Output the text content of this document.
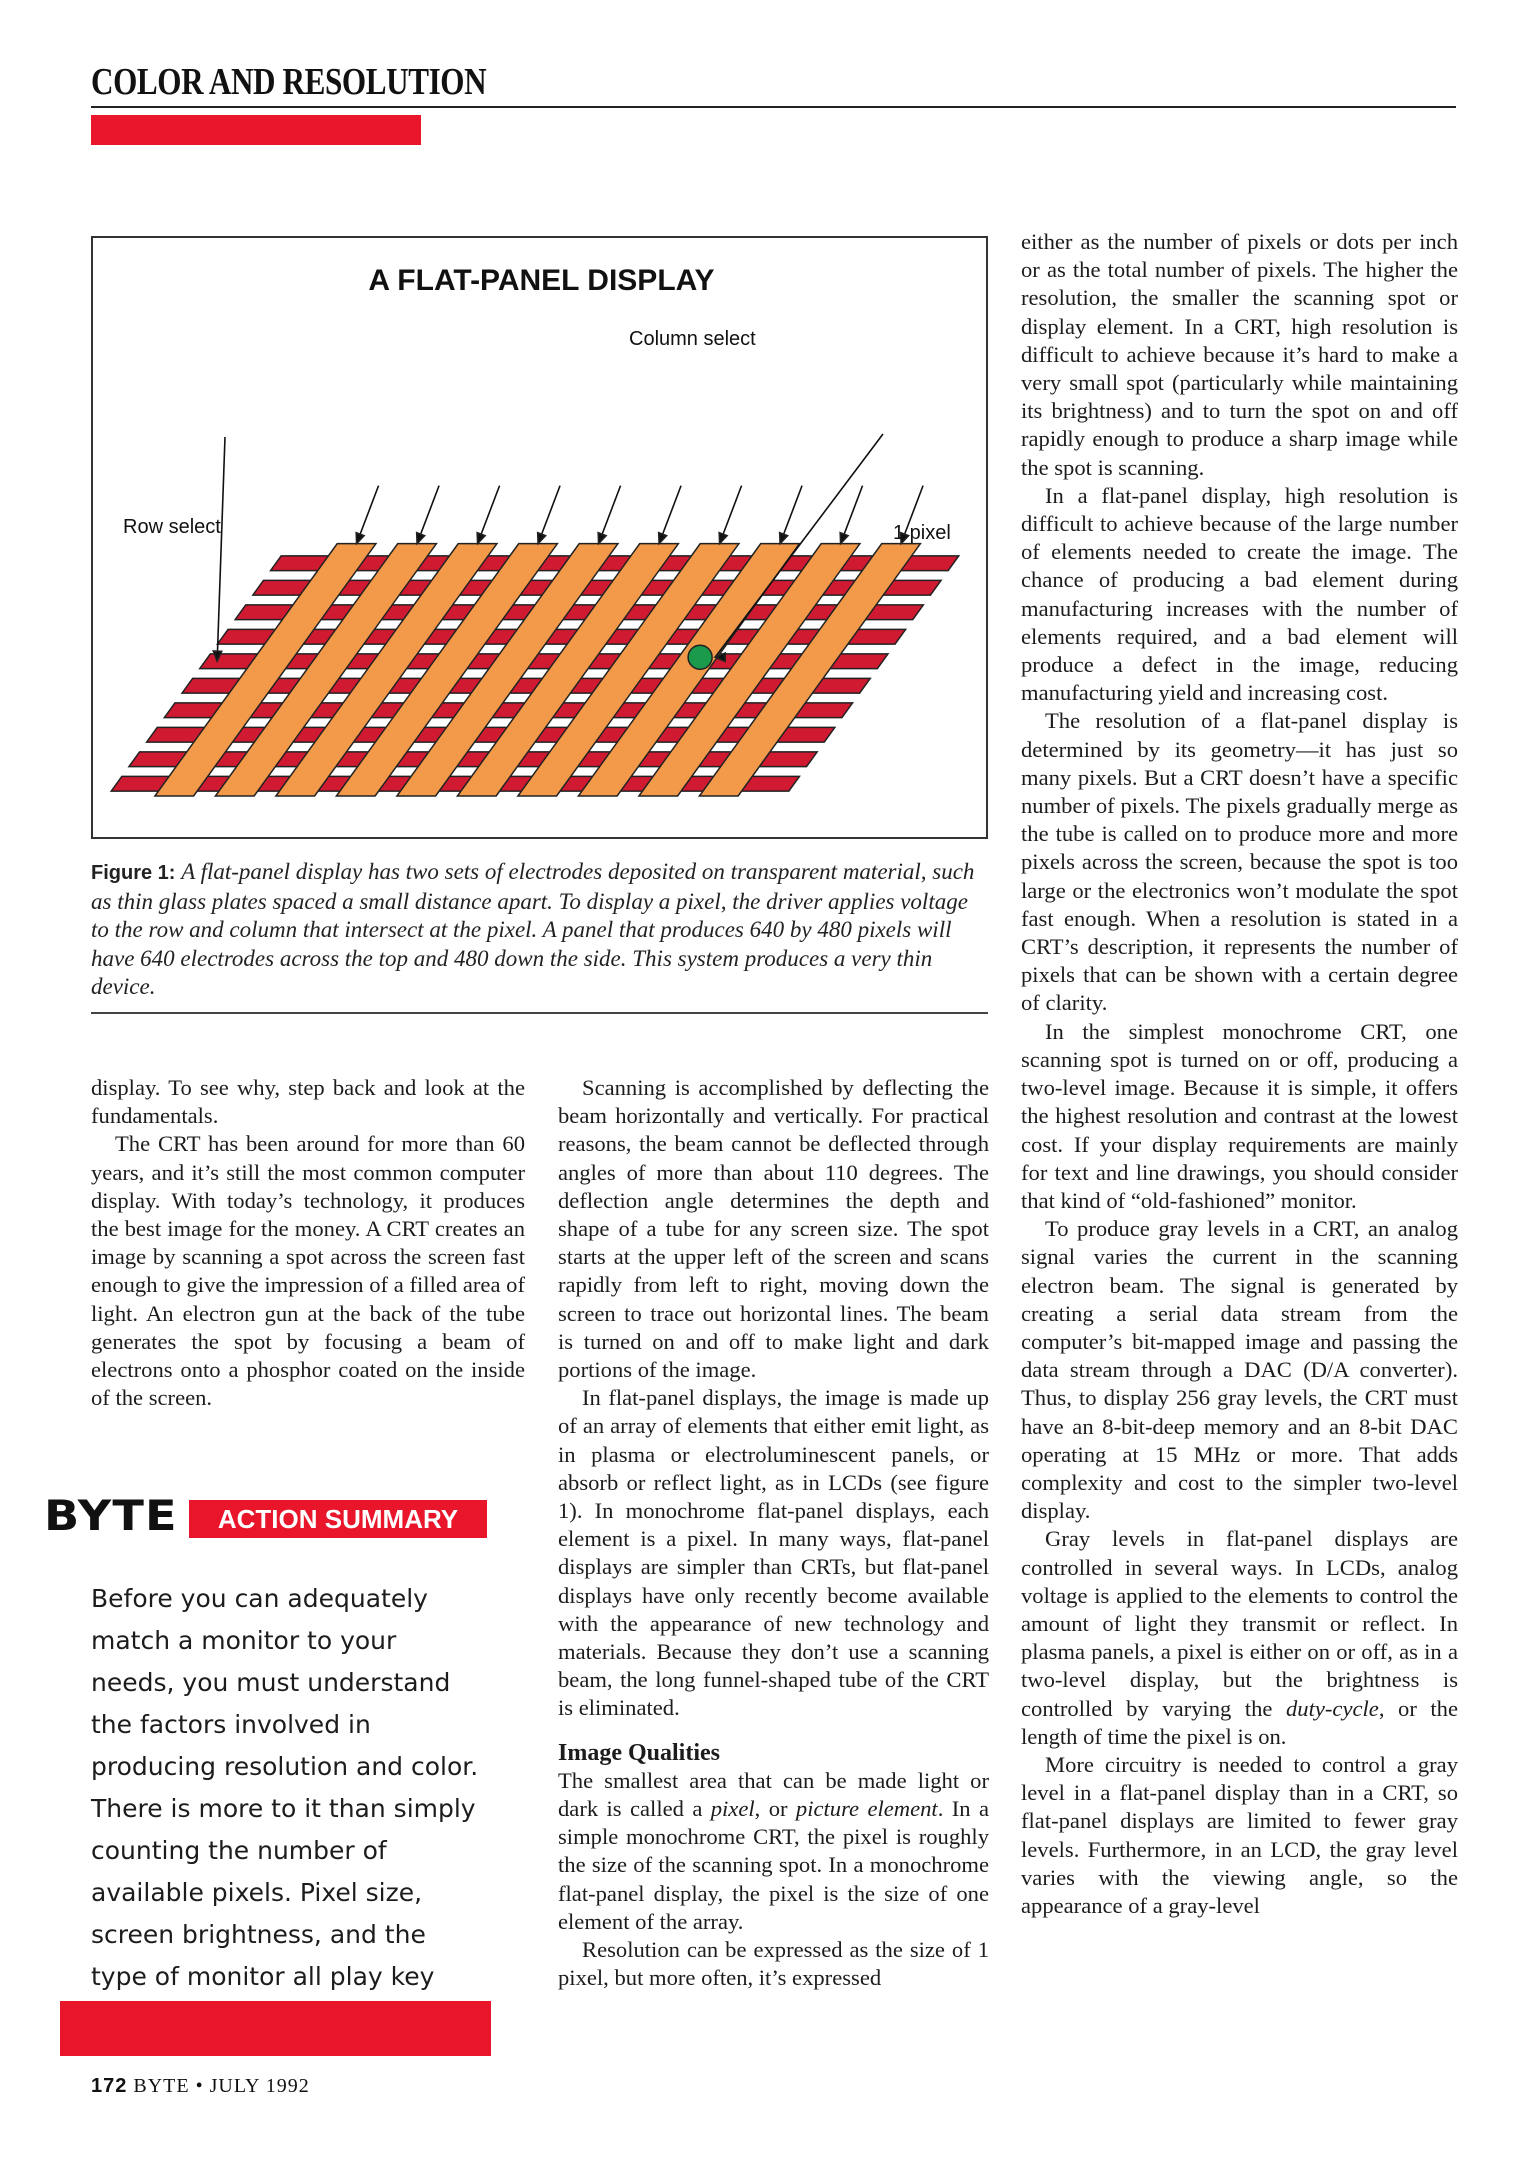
COLOR AND RESOLUTION
A FLAT-PANEL DISPLAY
Column select
Row select	1 pixel
Figure 1: A flat-panel display has two sets of electrodes deposited on transparent material, such as thin glass plates spaced a small distance apart. To display a pixel, the driver applies voltage to the row and column that intersect at the pixel. A panel that produces 640 by 480 pixels will have 640 electrodes across the top and 480 down the side. This system produces a very thin device.

display. To see why, step back and look at the fundamentals.

The CRT has been around for more than 60 years, and it’s still the most common computer display. With today’s technology, it produces the best image for the money. A CRT creates an image by scanning a spot across the screen fast enough to give the impression of a filled area of light. An electron gun at the back of the tube generates the spot by focusing a beam of electrons onto a phosphor coated on the inside of the screen.

BYTE	ACTION SUMMARY
Before you can adequately match a monitor to your needs, you must understand the factors involved in producing resolution and color. There is more to it than simply counting the number of available pixels. Pixel size, screen brightness, and the type of monitor all play key

Scanning is accomplished by deflecting the beam horizontally and vertically. For practical reasons, the beam cannot be deflected through angles of more than about 110 degrees. The deflection angle determines the depth and shape of a tube for any screen size. The spot starts at the upper left of the screen and scans rapidly from left to right, moving down the screen to trace out horizontal lines. The beam is turned on and off to make light and dark portions of the image.

In flat-panel displays, the image is made up of an array of elements that either emit light, as in plasma or electroluminescent panels, or absorb or reflect light, as in LCDs (see figure 1). In monochrome flat-panel displays, each element is a pixel. In many ways, flat-panel displays are simpler than CRTs, but flat-panel displays have only recently become available with the appearance of new technology and materials. Because they don’t use a scanning beam, the long funnel-shaped tube of the CRT is eliminated.

Image Qualities

The smallest area that can be made light or dark is called a pixel, or picture element. In a simple monochrome CRT, the pixel is roughly the size of the scanning spot. In a monochrome flat-panel display, the pixel is the size of one element of the array.

Resolution can be expressed as the size of 1 pixel, but more often, it’s expressed

either as the number of pixels or dots per inch or as the total number of pixels. The higher the resolution, the smaller the scanning spot or display element. In a CRT, high resolution is difficult to achieve because it’s hard to make a very small spot (particularly while maintaining its brightness) and to turn the spot on and off rapidly enough to produce a sharp image while the spot is scanning.

In a flat-panel display, high resolution is difficult to achieve because of the large number of elements needed to create the image. The chance of producing a bad element during manufacturing increases with the number of elements required, and a bad element will produce a defect in the image, reducing manufacturing yield and increasing cost.

The resolution of a flat-panel display is determined by its geometry—it has just so many pixels. But a CRT doesn’t have a specific number of pixels. The pixels gradually merge as the tube is called on to produce more and more pixels across the screen, because the spot is too large or the electronics won’t modulate the spot fast enough. When a resolution is stated in a CRT’s description, it represents the number of pixels that can be shown with a certain degree of clarity.

In the simplest monochrome CRT, one scanning spot is turned on or off, producing a two-level image. Because it is simple, it offers the highest resolution and contrast at the lowest cost. If your display requirements are mainly for text and line drawings, you should consider that kind of “old-fashioned” monitor.

To produce gray levels in a CRT, an analog signal varies the current in the scanning electron beam. The signal is generated by creating a serial data stream from the computer’s bit-mapped image and passing the data stream through a DAC (D/A converter). Thus, to display 256 gray levels, the CRT must have an 8-bit-deep memory and an 8-bit DAC operating at 15 MHz or more. That adds complexity and cost to the simpler two-level display.

Gray levels in flat-panel displays are controlled in several ways. In LCDs, analog voltage is applied to the elements to control the amount of light they transmit or reflect. In plasma panels, a pixel is either on or off, as in a two-level display, but the brightness is controlled by varying the duty-cycle, or the length of time the pixel is on.

More circuitry is needed to control a gray level in a flat-panel display than in a CRT, so flat-panel displays are limited to fewer gray levels. Furthermore, in an LCD, the gray level varies with the viewing angle, so the appearance of a gray-level

172 BYTE • JULY 1992
